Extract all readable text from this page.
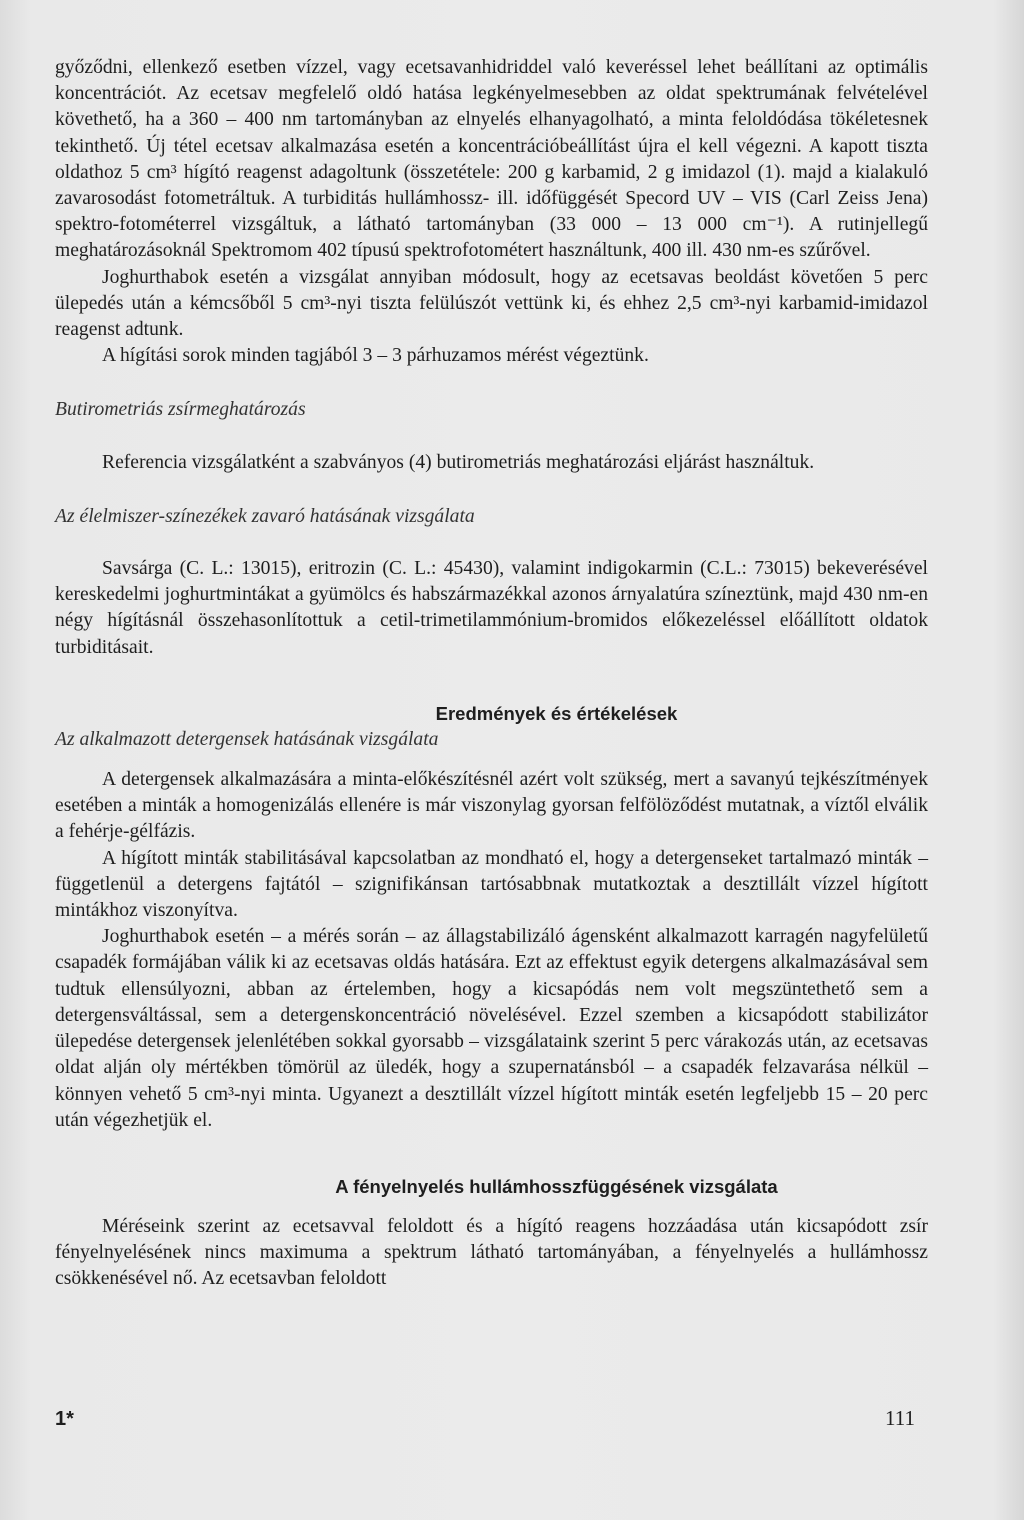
győződni, ellenkező esetben vízzel, vagy ecetsavanhidriddel való keveréssel lehet beállítani az optimális koncentrációt. Az ecetsav megfelelő oldó hatása legkényelmesebben az oldat spektrumának felvételével követhető, ha a 360 – 400 nm tartományban az elnyelés elhanyagolható, a minta feloldódása tökéletesnek tekinthető. Új tétel ecetsav alkalmazása esetén a koncentrációbeállítást újra el kell végezni. A kapott tiszta oldathoz 5 cm³ hígító reagenst adagoltunk (összetétele: 200 g karbamid, 2 g imidazol (1). majd a kialakuló zavarosodást fotometráltuk. A turbiditás hullámhossz- ill. időfüggését Specord UV – VIS (Carl Zeiss Jena) spektro-fotométerrel vizsgáltuk, a látható tartományban (33 000 – 13 000 cm⁻¹). A rutinjellegű meghatározásoknál Spektromom 402 típusú spektrofotométert használtunk, 400 ill. 430 nm-es szűrővel.

Joghurthabok esetén a vizsgálat annyiban módosult, hogy az ecetsavas beoldást követően 5 perc ülepedés után a kémcsőből 5 cm³-nyi tiszta felülúszót vettünk ki, és ehhez 2,5 cm³-nyi karbamid-imidazol reagenst adtunk.

A hígítási sorok minden tagjából 3 – 3 párhuzamos mérést végeztünk.

Butirometriás zsírmeghatározás

Referencia vizsgálatként a szabványos (4) butirometriás meghatározási eljárást használtuk.

Az élelmiszer-színezékek zavaró hatásának vizsgálata

Savsárga (C. L.: 13015), eritrozin (C. L.: 45430), valamint indigokarmin (C.L.: 73015) bekeverésével kereskedelmi joghurtmintákat a gyümölcs és habszármazékkal azonos árnyalatúra színeztünk, majd 430 nm-en négy hígításnál összehasonlítottuk a cetil-trimetilammónium-bromidos előkezeléssel előállított oldatok turbiditásait.

Eredmények és értékelések
Az alkalmazott detergensek hatásának vizsgálata

A detergensek alkalmazására a minta-előkészítésnél azért volt szükség, mert a savanyú tejkészítmények esetében a minták a homogenizálás ellenére is már viszonylag gyorsan felfölöződést mutatnak, a víztől elválik a fehérje-gélfázis.

A hígított minták stabilitásával kapcsolatban az mondható el, hogy a detergenseket tartalmazó minták – függetlenül a detergens fajtától – szignifikánsan tartósabbnak mutatkoztak a desztillált vízzel hígított mintákhoz viszonyítva.

Joghurthabok esetén – a mérés során – az állagstabilizáló ágensként alkalmazott karragén nagyfelületű csapadék formájában válik ki az ecetsavas oldás hatására. Ezt az effektust egyik detergens alkalmazásával sem tudtuk ellensúlyozni, abban az értelemben, hogy a kicsapódás nem volt megszüntethető sem a detergensváltással, sem a detergenskoncentráció növelésével. Ezzel szemben a kicsapódott stabilizátor ülepedése detergensek jelenlétében sokkal gyorsabb – vizsgálataink szerint 5 perc várakozás után, az ecetsavas oldat alján oly mértékben tömörül az üledék, hogy a szupernatánsból – a csapadék felzavarása nélkül – könnyen vehető 5 cm³-nyi minta. Ugyanezt a desztillált vízzel hígított minták esetén legfeljebb 15 – 20 perc után végezhetjük el.

A fényelnyelés hullámhosszfüggésének vizsgálata

Méréseink szerint az ecetsavval feloldott és a hígító reagens hozzáadása után kicsapódott zsír fényelnyelésének nincs maximuma a spektrum látható tartományában, a fényelnyelés a hullámhossz csökkenésével nő. Az ecetsavban feloldott

1*	111
